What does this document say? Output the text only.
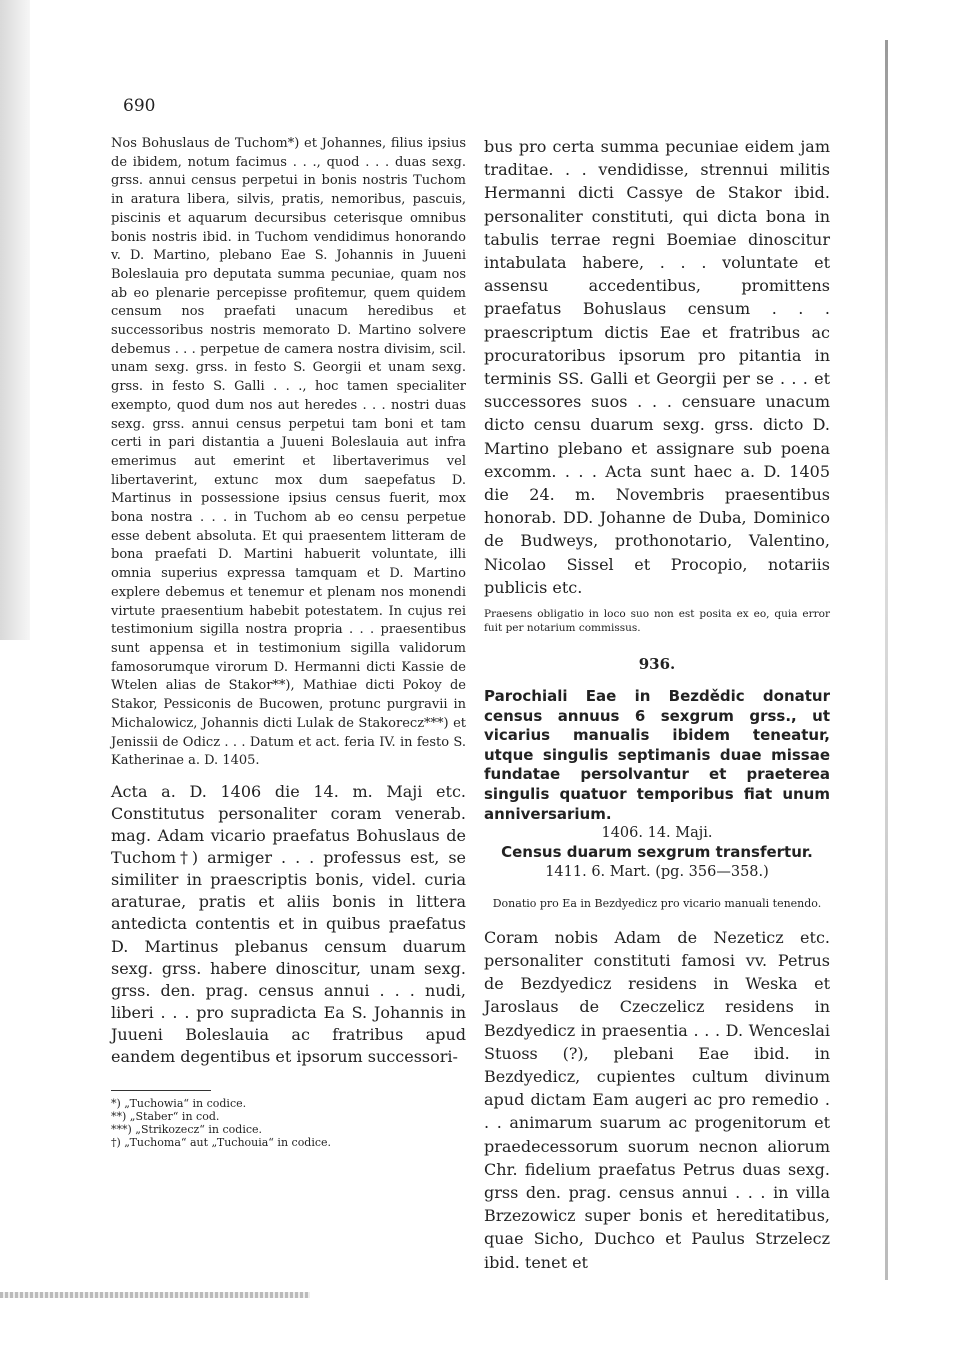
690

Nos Bohuslaus de Tuchom*) et Johannes, filius ipsius de ibidem, notum facimus . . ., quod . . . duas sexg. grss. annui census perpetui in bonis nostris Tuchom in aratura libera, silvis, pratis, nemoribus, pascuis, piscinis et aquarum decursibus ceterisque omnibus bonis nostris ibid. in Tuchom vendidimus honorando v. D. Martino, plebano Eae S. Johannis in Juueni Boleslauia pro deputata summa pecuniae, quam nos ab eo plenarie percepisse profitemur, quem quidem censum nos praefati unacum heredibus et successoribus nostris memorato D. Martino solvere debemus . . . perpetue de camera nostra divisim, scil. unam sexg. grss. in festo S. Georgii et unam sexg. grss. in festo S. Galli . . ., hoc tamen specialiter exempto, quod dum nos aut heredes . . . nostri duas sexg. grss. annui census perpetui tam boni et tam certi in pari distantia a Juueni Boleslauia aut infra emerimus aut emerint et libertaverimus vel libertaverint, extunc mox dum saepefatus D. Martinus in possessione ipsius census fuerit, mox bona nostra . . . in Tuchom ab eo censu perpetue esse debent absoluta. Et qui praesentem litteram de bona praefati D. Martini habuerit voluntate, illi omnia superius expressa tamquam et D. Martino explere debemus et tenemur et plenam nos monendi virtute praesentium habebit potestatem. In cujus rei testimonium sigilla nostra propria . . . praesentibus sunt appensa et in testimonium sigilla validorum famosorumque virorum D. Hermanni dicti Kassie de Wtelen alias de Stakor**), Mathiae dicti Pokoy de Stakor, Pessiconis de Bucowen, protunc purgravii in Michalowicz, Johannis dicti Lulak de Stakorecz***) et Jenissii de Odicz . . . Datum et act. feria IV. in festo S. Katherinae a. D. 1405.

Acta a. D. 1406 die 14. m. Maji etc. Constitutus personaliter coram venerab. mag. Adam vicario praefatus Bohuslaus de Tuchom†) armiger . . . professus est, se similiter in praescriptis bonis, videl. curia araturae, pratis et aliis bonis in littera antedicta contentis et in quibus praefatus D. Martinus plebanus censum duarum sexg. grss. habere dinoscitur, unam sexg. grss. den. prag. census annui . . . nudi, liberi . . . pro supradicta Ea S. Johannis in Juueni Boleslauia ac fratribus apud eandem degentibus et ipsorum successori-

*) „Tuchowia“ in codice.
**) „Staber“ in cod.
***) „Strikozecz“ in codice.
†) „Tuchoma“ aut „Tuchouia“ in codice.

bus pro certa summa pecuniae eidem jam traditae. . . vendidisse, strennui militis Hermanni dicti Cassye de Stakor ibid. personaliter constituti, qui dicta bona in tabulis terrae regni Boemiae dinoscitur intabulata habere, . . . voluntate et assensu accedentibus, promittens praefatus Bohuslaus censum . . . praescriptum dictis Eae et fratribus ac procuratoribus ipsorum pro pitantia in terminis SS. Galli et Georgii per se . . . et successores suos . . . censuare unacum dicto censu duarum sexg. grss. dicto D. Martino plebano et assignare sub poena excomm. . . . Acta sunt haec a. D. 1405 die 24. m. Novembris praesentibus honorab. DD. Johanne de Duba, Dominico de Budweys, prothonotario, Valentino, Nicolao Sissel et Procopio, notariis publicis etc.

Praesens obligatio in loco suo non est posita ex eo, quia error fuit per notarium commissus.

936.

Parochiali Eae in Bezdědic donatur census annuus 6 sexgrum grss., ut vicarius manualis ibidem teneatur, utque singulis septimanis duae missae fundatae persolvantur et praeterea singulis quatuor temporibus fiat unum anniversarium.

1406. 14. Maji.

Census duarum sexgrum transfertur.

1411. 6. Mart. (pg. 356—358.)

Donatio pro Ea in Bezdyedicz pro vicario manuali tenendo.

Coram nobis Adam de Nezeticz etc. personaliter constituti famosi vv. Petrus de Bezdyedicz residens in Weska et Jaroslaus de Czeczelicz residens in Bezdyedicz in praesentia . . . D. Wenceslai Stuoss (?), plebani Eae ibid. in Bezdyedicz, cupientes cultum divinum apud dictam Eam augeri ac pro remedio . . . animarum suarum ac progenitorum et praedecessorum suorum necnon aliorum Chr. fidelium praefatus Petrus duas sexg. grss den. prag. census annui . . . in villa Brzezowicz super bonis et hereditatibus, quae Sicho, Duchco et Paulus Strzelecz ibid. tenet et
